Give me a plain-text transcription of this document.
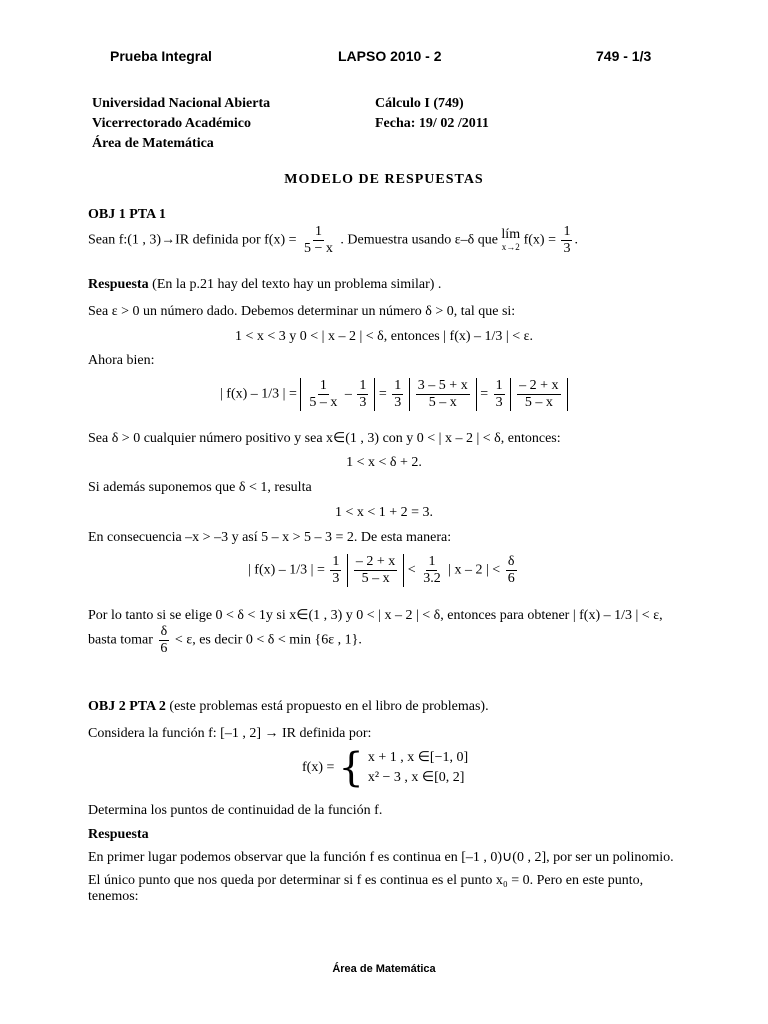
Prueba Integral	LAPSO 2010 - 2	749 - 1/3
Universidad Nacional Abierta
Vicerrectorado Académico
Área de Matemática
Cálculo I (749)
Fecha: 19/ 02 /2011
MODELO DE RESPUESTAS
OBJ 1 PTA 1
Sean f:(1 , 3)→IR definida por $f(x) = \frac{1}{5 - x}$ . Demuestra usando ε–δ que lím
x→2 $f(x) = \frac{1}{3}$ .
Respuesta (En la p.21 hay del texto hay un problema similar) .
Sea ε > 0 un número dado. Debemos determinar un número δ > 0, tal que si:
1 < x < 3 y 0 < | x – 2 | < δ, entonces | f(x) – 1/3 | < ε.
Ahora bien:
| f(x) – 1/3 | = $\frac{1}{5 - x} - \frac{1}{3} = \frac{1}{3}$
$\frac{3 - 5 + x}{5 - x} = \frac{1}{3}$
$\frac{- 2 + x}{5 - x}$
Sea δ > 0 cualquier número positivo y sea x∈(1 , 3) con y 0 < | x – 2 | < δ, entonces:
1 < x < δ + 2.
Si además suponemos que δ < 1, resulta
1 < x < 1 + 2 = 3.
En consecuencia –x > –3 y así 5 – x > 5 – 3 = 2. De esta manera:
| f(x) – 1/3 | = $\frac{1}{3}$
$\frac{- 2 + x}{5 - x} < \frac{1}{3.2}$ | x – 2 | < $\frac{\delta}{6}$
Por lo tanto si se elige 0 < δ < 1y si x∈(1 , 3) y 0 < | x – 2 | < δ, entonces para obtener | f(x) – 1/3 | < ε,
basta tomar $\frac{\delta}{6} < \varepsilon$, es decir 0 < δ < min {6ε , 1}.
OBJ 2 PTA 2 (este problemas está propuesto en el libro de problemas).
Considera la función f: [–1 , 2] → IR definida por:
f(x) = { x + 1 , x ∈[−1, 0]
x² − 3 , x ∈[0, 2]
Determina los puntos de continuidad de la función f.
Respuesta
En primer lugar podemos observar que la función f es continua en [–1 , 0)∪(0 , 2], por ser un polinomio.
El único punto que nos queda por determinar si f es continua es el punto x₀ = 0. Pero en este punto,
tenemos:
Área de Matemática
